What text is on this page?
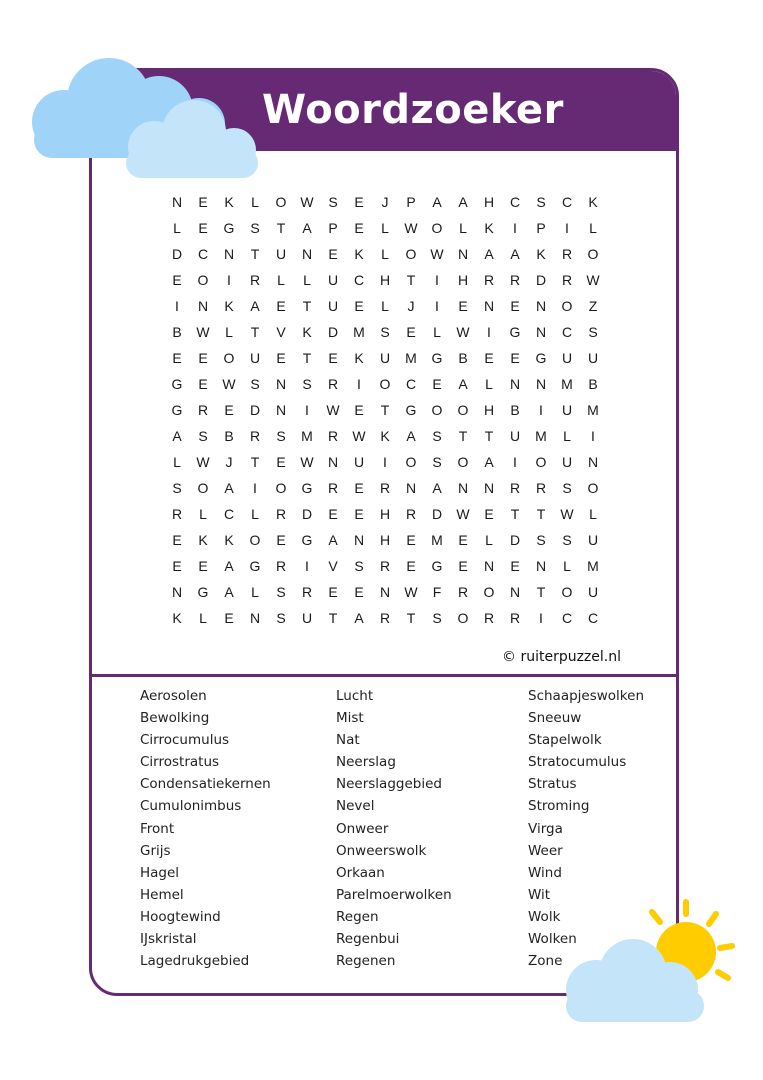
Woordzoeker
N	E	K	L	O W	S	E	J	P	A	A	H	C	S	C	K
L	E	G	S	T	A	P	E	L	W O	L	K	I	P	I	L
D	C	N	T	U	N	E	K	L	O W	N	A	A	K	R	O
E	O	I	R	L	L	U	C	H	T	I	H	R	R	D	R	W
I	N	K	A	E	T	U	E	L	J	I	E	N	E	N	O	Z
B	W	L	T	V	K	D	M	S	E	L	W	I	G	N	C	S
E	E	O	U	E	T	E	K	U	M	G	B	E	E	G	U	U
G	E	W	S	N	S	R	I	O	C	E	A	L	N	N	M	B
G	R	E	D	N	I	W	E	T	G	O	O	H	B	I	U	M
A	S	B	R	S	M	R	W	K	A	S	T	T	U	M	L	I
L	W	J	T	E	W	N	U	I	O	S	O	A	I	O	U	N
S	O	A	I	O	G	R	E	R	N	A	N	N	R	R	S	O
R	L	C	L	R	D	E	E	H	R	D	W	E	T	T	W	L
E	K	K	O	E	G	A	N	H	E	M	E	L	D	S	S	U
E	E	A	G	R	I	V	S	R	E	G	E	N	E	N	L	M
N	G	A	L	S	R	E	E	N	W	F	R	O	N	T	O	U
K	L	E	N	S	U	T	A	R	T	S	O	R	R	I	C	C
© ruiterpuzzel.nl
Aerosolen
Bewolking
Cirrocumulus
Cirrostratus
Condensatiekernen
Cumulonimbus
Front
Grijs
Hagel
Hemel
Hoogtewind
IJskristal
Lagedrukgebied
Lucht
Mist
Nat
Neerslag
Neerslaggebied
Nevel
Onweer
Onweerswolk
Orkaan
Parelmoerwolken
Regen
Regenbui
Regenen
Schaapjeswolken
Sneeuw
Stapelwolk
Stratocumulus
Stratus
Stroming
Virga
Weer
Wind
Wit
Wolk
Wolken
Zone
